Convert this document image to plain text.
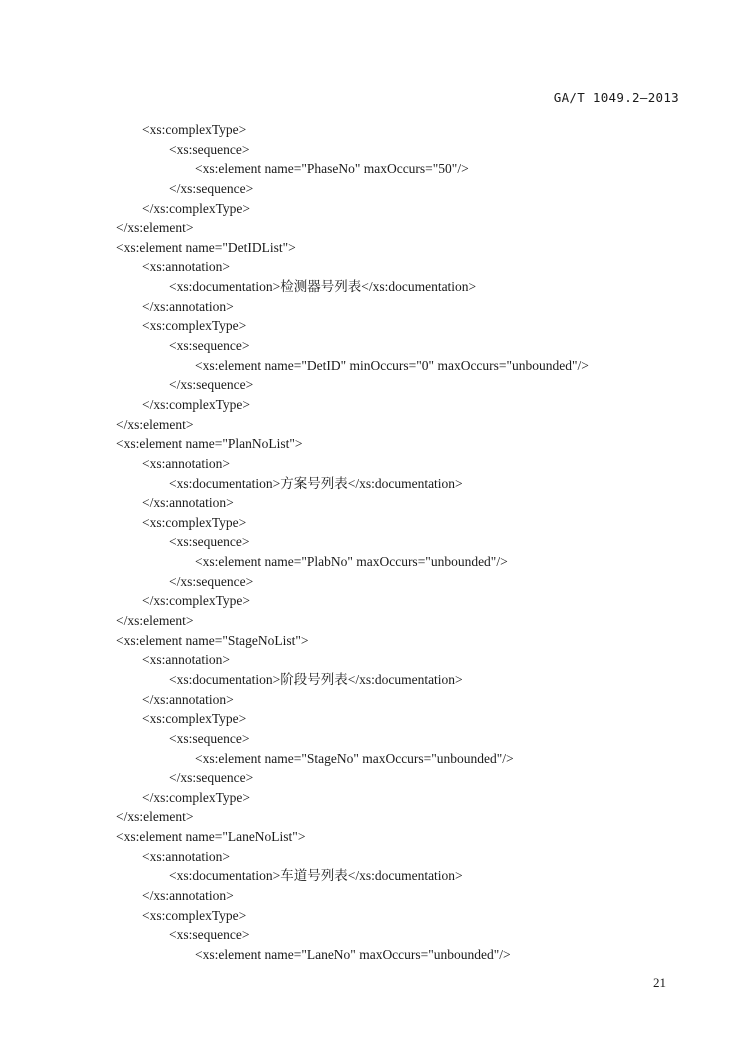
GA/T 1049.2—2013
<xs:complexType>
<xs:sequence>
<xs:element name="PhaseNo" maxOccurs="50"/>
</xs:sequence>
</xs:complexType>
</xs:element>
<xs:element name="DetIDList">
<xs:annotation>
<xs:documentation>检测器号列表</xs:documentation>
</xs:annotation>
<xs:complexType>
<xs:sequence>
<xs:element name="DetID" minOccurs="0" maxOccurs="unbounded"/>
</xs:sequence>
</xs:complexType>
</xs:element>
<xs:element name="PlanNoList">
<xs:annotation>
<xs:documentation>方案号列表</xs:documentation>
</xs:annotation>
<xs:complexType>
<xs:sequence>
<xs:element name="PlabNo" maxOccurs="unbounded"/>
</xs:sequence>
</xs:complexType>
</xs:element>
<xs:element name="StageNoList">
<xs:annotation>
<xs:documentation>阶段号列表</xs:documentation>
</xs:annotation>
<xs:complexType>
<xs:sequence>
<xs:element name="StageNo" maxOccurs="unbounded"/>
</xs:sequence>
</xs:complexType>
</xs:element>
<xs:element name="LaneNoList">
<xs:annotation>
<xs:documentation>车道号列表</xs:documentation>
</xs:annotation>
<xs:complexType>
<xs:sequence>
<xs:element name="LaneNo" maxOccurs="unbounded"/>
21
